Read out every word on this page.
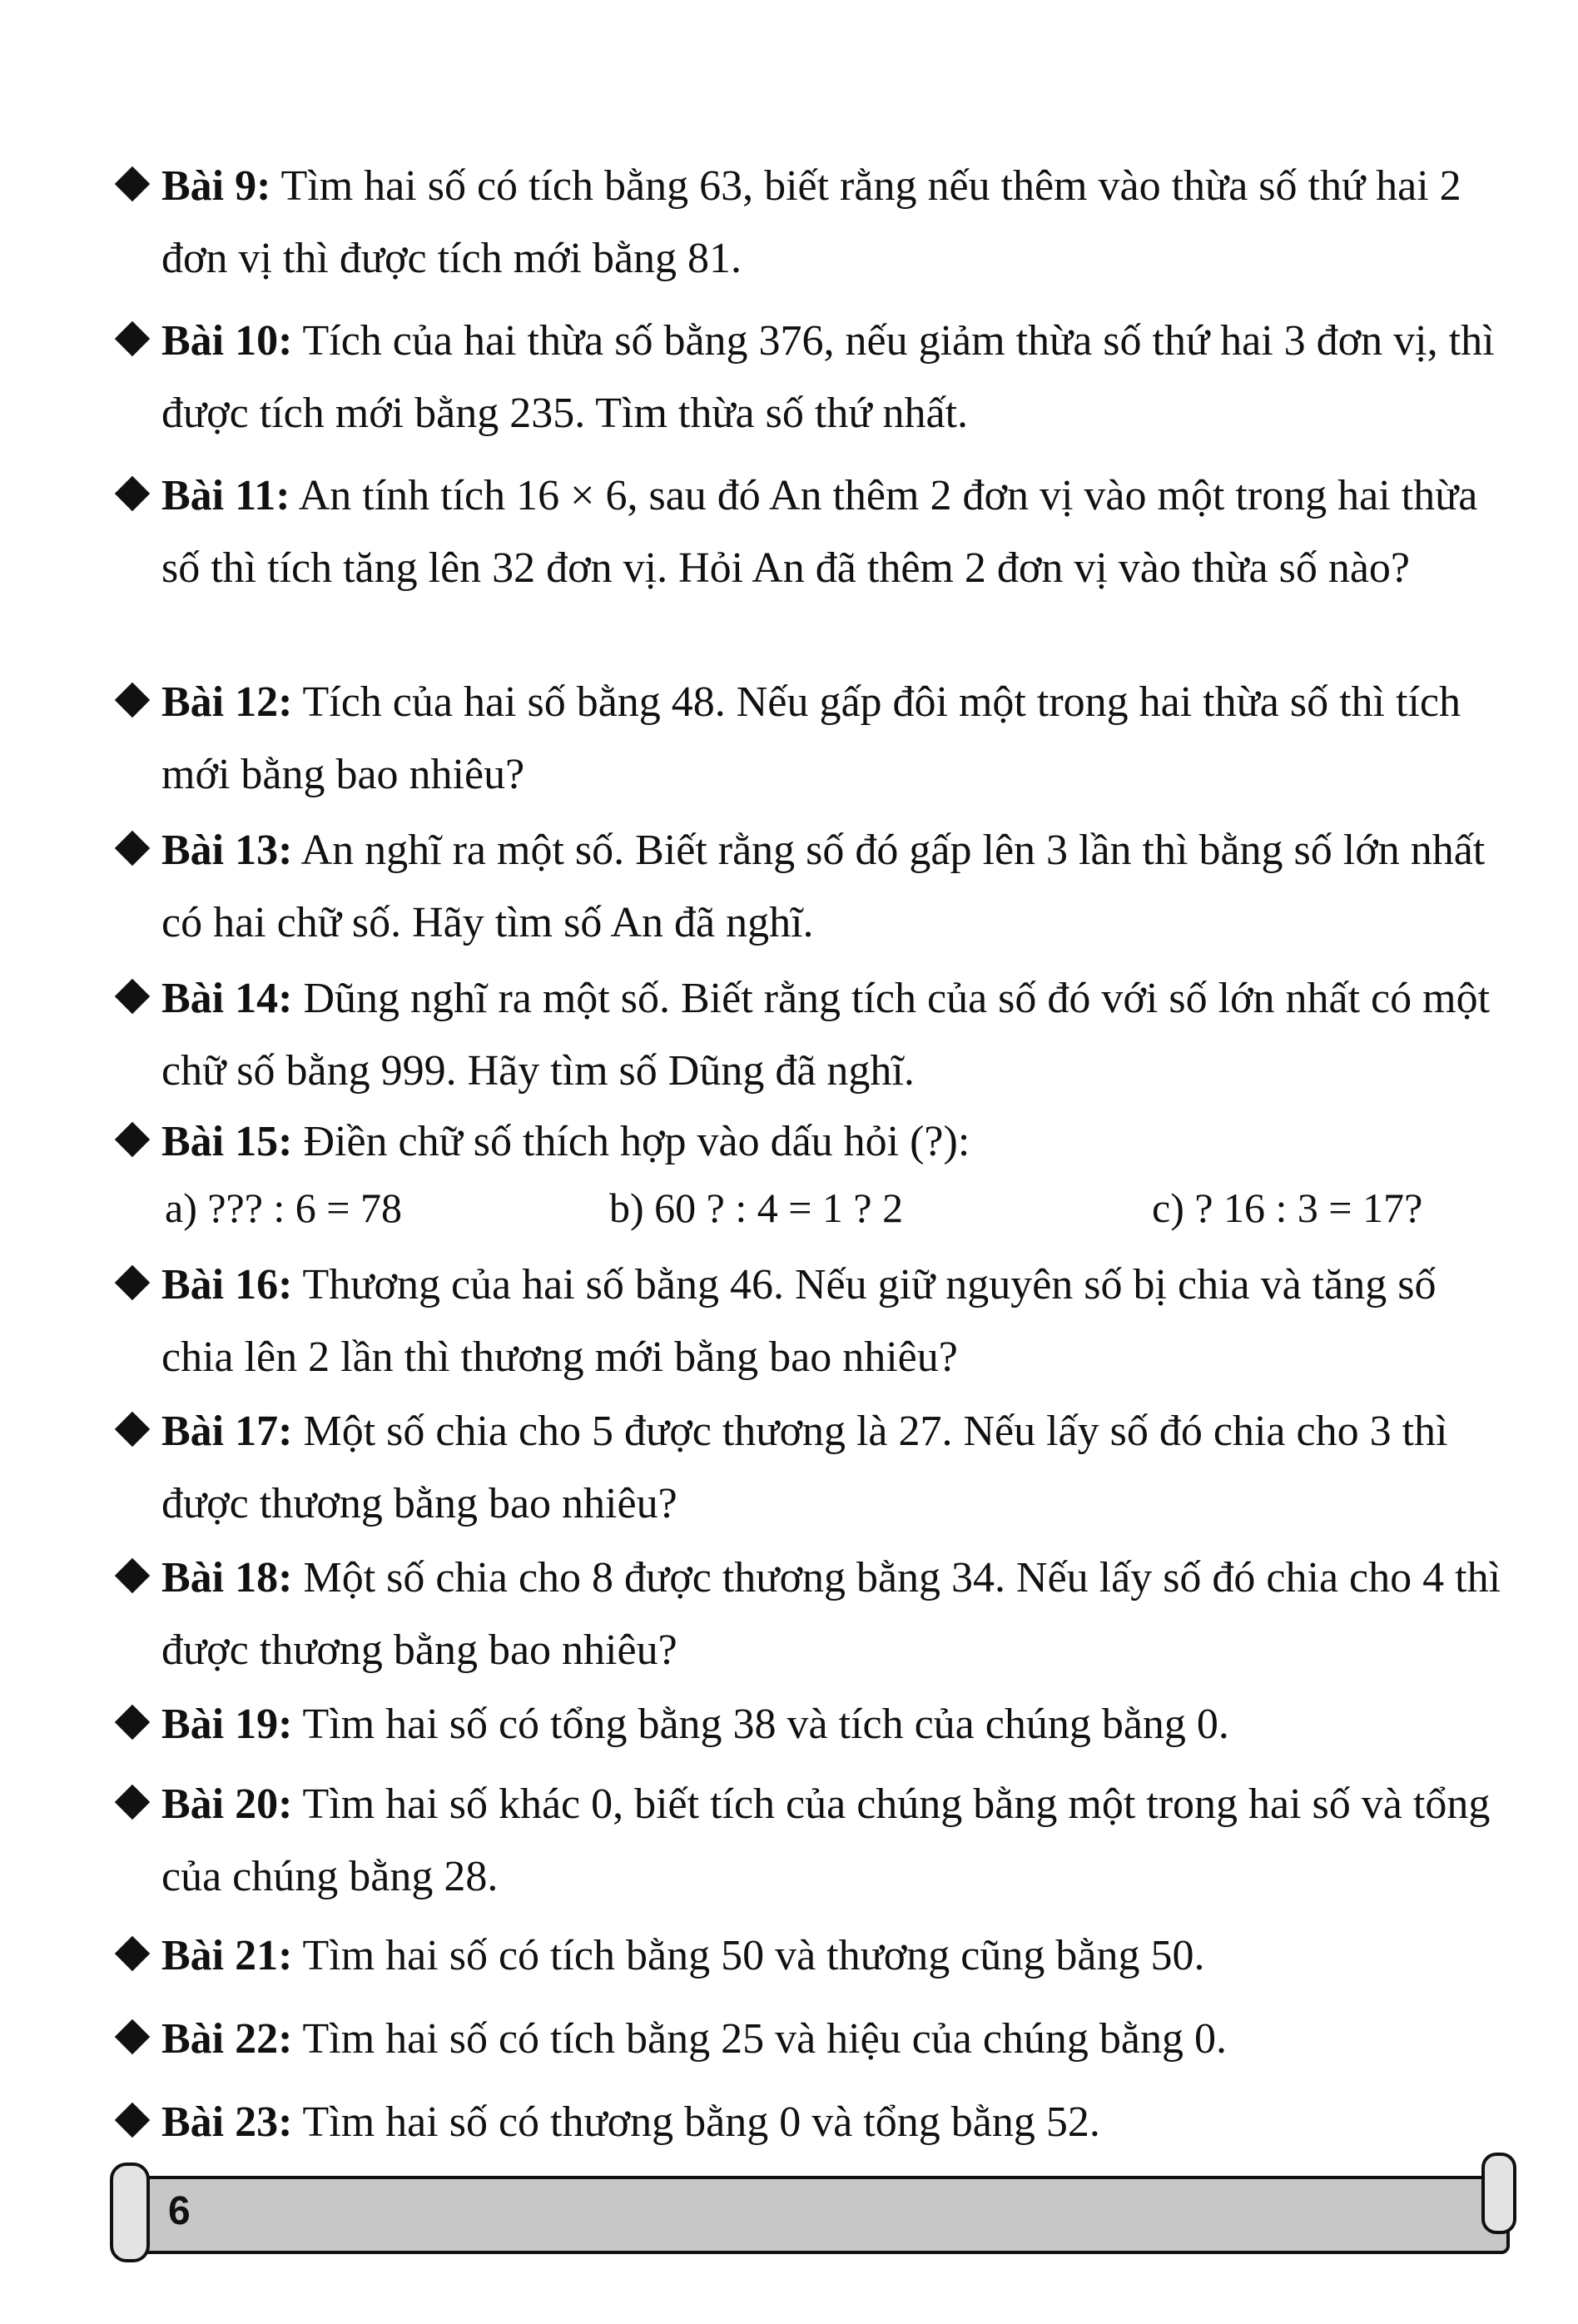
Bài 9: Tìm hai số có tích bằng 63, biết rằng nếu thêm vào thừa số thứ hai 2 đơn vị thì được tích mới bằng 81.
Bài 10: Tích của hai thừa số bằng 376, nếu giảm thừa số thứ hai 3 đơn vị, thì được tích mới bằng 235. Tìm thừa số thứ nhất.
Bài 11: An tính tích 16 × 6, sau đó An thêm 2 đơn vị vào một trong hai thừa số thì tích tăng lên 32 đơn vị. Hỏi An đã thêm 2 đơn vị vào thừa số nào?
Bài 12: Tích của hai số bằng 48. Nếu gấp đôi một trong hai thừa số thì tích mới bằng bao nhiêu?
Bài 13: An nghĩ ra một số. Biết rằng số đó gấp lên 3 lần thì bằng số lớn nhất có hai chữ số. Hãy tìm số An đã nghĩ.
Bài 14: Dũng nghĩ ra một số. Biết rằng tích của số đó với số lớn nhất có một chữ số bằng 999. Hãy tìm số Dũng đã nghĩ.
Bài 15: Điền chữ số thích hợp vào dấu hỏi (?):
a) ??? : 6 = 78	b) 60 ? : 4 = 1 ? 2	c) ? 16 : 3 = 17?
Bài 16: Thương của hai số bằng 46. Nếu giữ nguyên số bị chia và tăng số chia lên 2 lần thì thương mới bằng bao nhiêu?
Bài 17: Một số chia cho 5 được thương là 27. Nếu lấy số đó chia cho 3 thì được thương bằng bao nhiêu?
Bài 18: Một số chia cho 8 được thương bằng 34. Nếu lấy số đó chia cho 4 thì được thương bằng bao nhiêu?
Bài 19: Tìm hai số có tổng bằng 38 và tích của chúng bằng 0.
Bài 20: Tìm hai số khác 0, biết tích của chúng bằng một trong hai số và tổng của chúng bằng 28.
Bài 21: Tìm hai số có tích bằng 50 và thương cũng bằng 50.
Bài 22: Tìm hai số có tích bằng 25 và hiệu của chúng bằng 0.
Bài 23: Tìm hai số có thương bằng 0 và tổng bằng 52.
6
